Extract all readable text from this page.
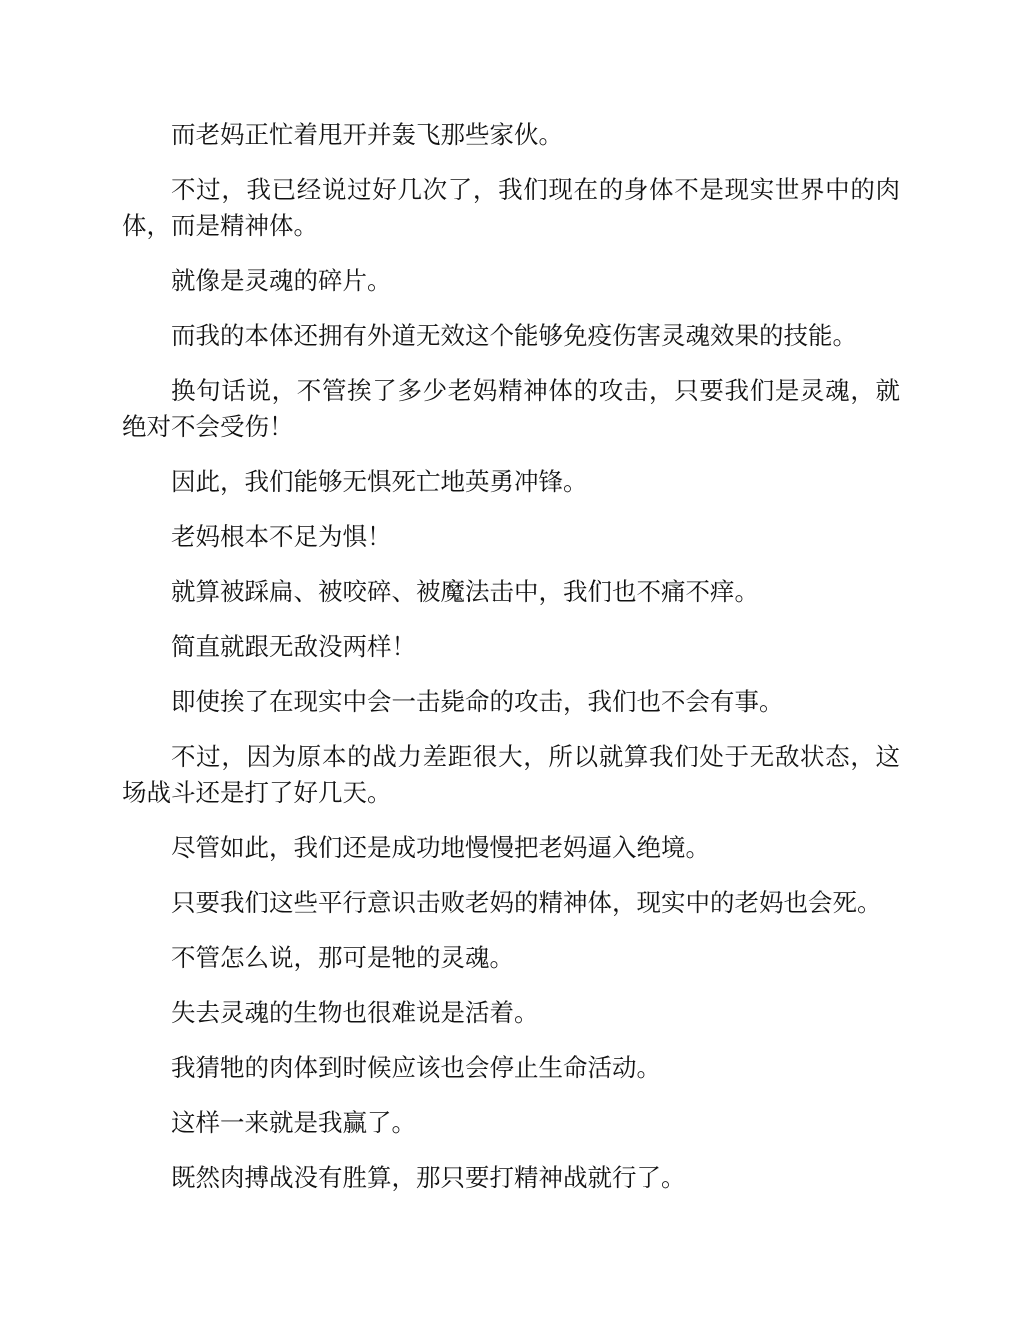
而老妈正忙着甩开并轰飞那些家伙。

不过，我已经说过好几次了，我们现在的身体不是现实世界中的肉体，而是精神体。

就像是灵魂的碎片。

而我的本体还拥有外道无效这个能够免疫伤害灵魂效果的技能。

换句话说，不管挨了多少老妈精神体的攻击，只要我们是灵魂，就绝对不会受伤！

因此，我们能够无惧死亡地英勇冲锋。

老妈根本不足为惧！

就算被踩扁、被咬碎、被魔法击中，我们也不痛不痒。

简直就跟无敌没两样！

即使挨了在现实中会一击毙命的攻击，我们也不会有事。

不过，因为原本的战力差距很大，所以就算我们处于无敌状态，这场战斗还是打了好几天。

尽管如此，我们还是成功地慢慢把老妈逼入绝境。

只要我们这些平行意识击败老妈的精神体，现实中的老妈也会死。

不管怎么说，那可是牠的灵魂。

失去灵魂的生物也很难说是活着。

我猜牠的肉体到时候应该也会停止生命活动。

这样一来就是我赢了。

既然肉搏战没有胜算，那只要打精神战就行了。
